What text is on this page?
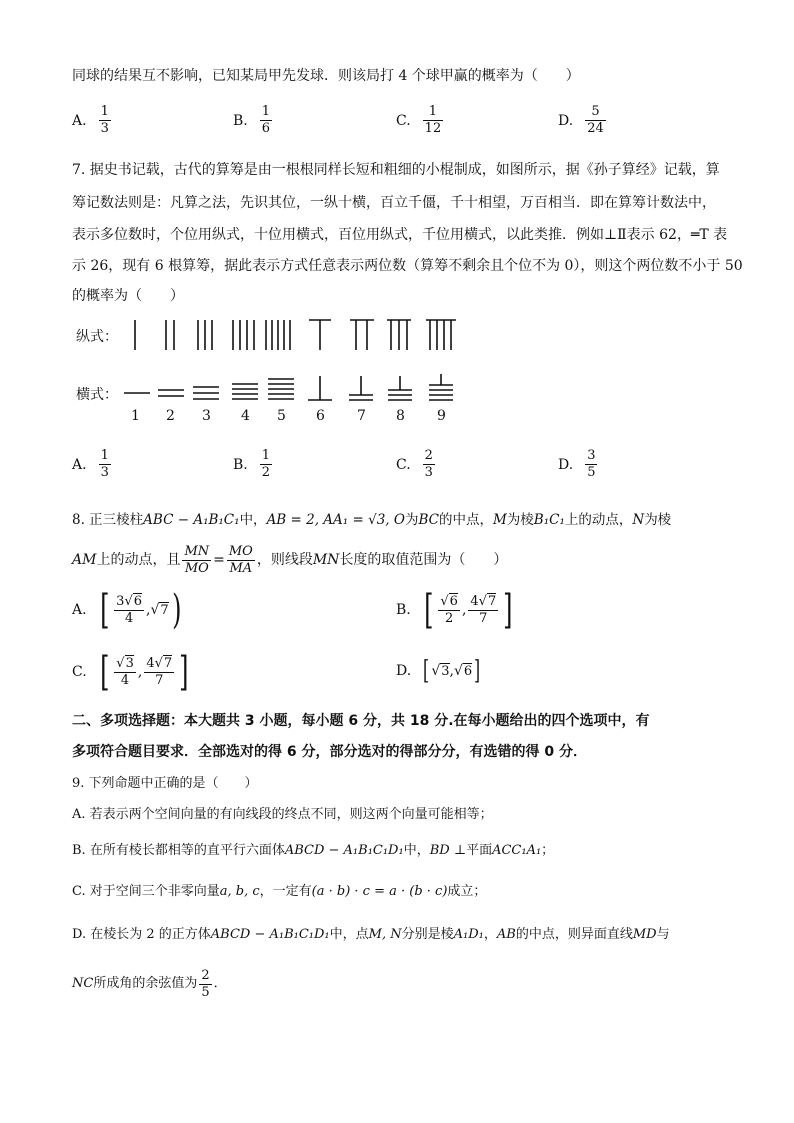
同球的结果互不影响，已知某局甲先发球．则该局打 4 个球甲赢的概率为（　　）
A. $\frac{1}{3}$	B. $\frac{1}{6}$	C. $\frac{1}{12}$	D. $\frac{5}{24}$
7. 据史书记载，古代的算筹是由一根根同样长短和粗细的小棍制成，如图所示，据《孙子算经》记载，算
筹记数法则是：凡算之法，先识其位，一纵十横，百立千僵，千十相望，万百相当．即在算筹计数法中，
表示多位数时，个位用纵式，十位用横式，百位用纵式，千位用横式，以此类推．例如⊥Ⅱ表示 62，═T 表
示 26，现有 6 根算筹，据此表示方式任意表示两位数（算筹不剩余且个位不为 0），则这个两位数不小于 50
的概率为（　　）
纵式：
横式：
1 2 3 4 5 6 7 8 9
A. $\frac{1}{3}$	B. $\frac{1}{2}$	C. $\frac{2}{3}$	D. $\frac{3}{5}$
8. 正三棱柱ABC − A₁B₁C₁中，AB = 2, AA₁ = √3, O为BC的中点，M为棱B₁C₁上的动点，N为棱
AM 上的动点，且 $\frac{MN}{MO} = \frac{MO}{MA}$ ，则线段 MN 长度的取值范围为（　　）
A. [ $\frac{3√6}{4}$ , √ 7 )	B. [ $\frac{√6}{2}$ , $\frac{4√7}{7}$ ]
C. [ $\frac{√3}{4}$ , $\frac{4√7}{7}$ ]	D. [ √ 3 , √ 6 ]
二、多项选择题：本大题共 3 小题，每小题 6 分，共 18 分.在每小题给出的四个选项中，有
多项符合题目要求．全部选对的得 6 分，部分选对的得部分分，有选错的得 0 分．
9. 下列命题中正确的是（　　）
A. 若表示两个空间向量的有向线段的终点不同，则这两个向量可能相等；
B. 在所有棱长都相等的直平行六面体ABCD − A₁B₁C₁D₁中，BD ⊥平面ACC₁A₁；
C. 对于空间三个非零向量a, b, c，一定有(a · b) · c = a · (b · c)成立；
D. 在棱长为 2 的正方体ABCD − A₁B₁C₁D₁中，点M, N分别是棱A₁D₁，AB的中点，则异面直线MD与
NC 所成角的余弦值为 $\frac{2}{5}$ ．
